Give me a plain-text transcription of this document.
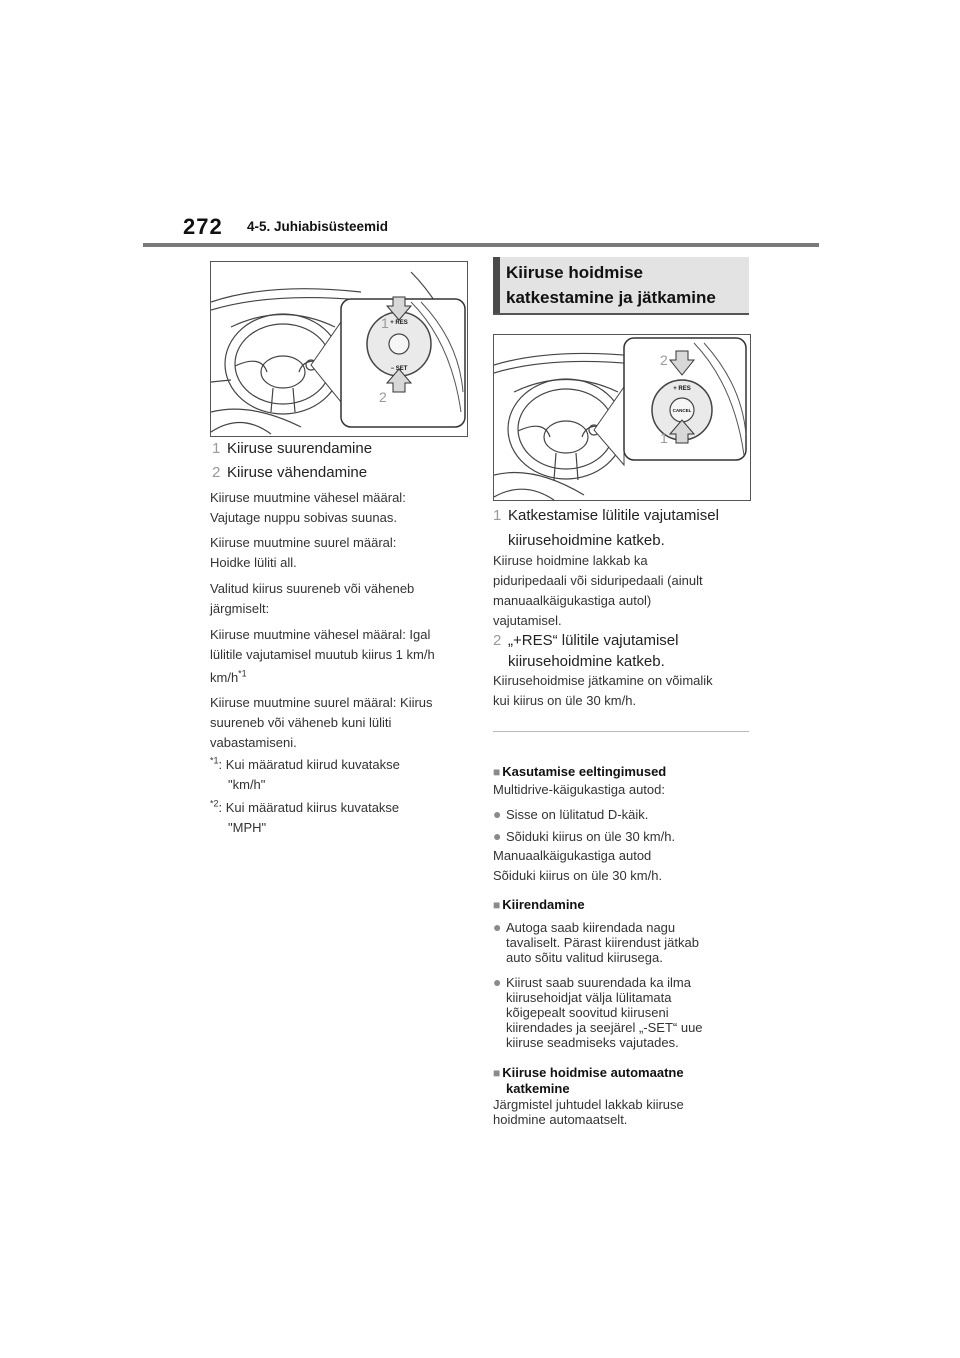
272 4-5. Juhiabisüsteemid
+ RES
− SET
1
2
1 Kiiruse suurendamine
2 Kiiruse vähendamine
Kiiruse muutmine vähesel määral:
Vajutage nuppu sobivas suunas.
Kiiruse muutmine suurel määral:
Hoidke lüliti all.
Valitud kiirus suureneb või väheneb
järgmiselt:
Kiiruse muutmine vähesel määral: Igal
lülitile vajutamisel muutub kiirus 1 km/h
$km/h^{*1}$
Kiiruse muutmine suurel määral: Kiirus
suureneb või väheneb kuni lüliti
vabastamiseni.
$^{*1}$: Kui määratud kiirud kuvatakse
"km/h"
$^{*2}$: Kui määratud kiirus kuvatakse
"MPH"
Kiiruse hoidmise
katkestamine ja jätkamine
+ RES
CANCEL
2
1
1 Katkestamise lülitile vajutamisel
kiirusehoidmine katkeb.
Kiiruse hoidmine lakkab ka
piduripedaali või siduripedaali (ainult
manuaalkäigukastiga autol)
vajutamisel.
2 „+RES“ lülitile vajutamisel
kiirusehoidmine katkeb.
Kiirusehoidmise jätkamine on võimalik
kui kiirus on üle 30 km/h.
■ Kasutamise eeltingimused
Multidrive-käigukastiga autod:
● Sisse on lülitatud D-käik.
● Sõiduki kiirus on üle 30 km/h.
Manuaalkäigukastiga autod
Sõiduki kiirus on üle 30 km/h.
■ Kiirendamine
● Autoga saab kiirendada nagu
tavaliselt. Pärast kiirendust jätkab
auto sõitu valitud kiirusega.
● Kiirust saab suurendada ka ilma
kiirusehoidjat välja lülitamata
kõigepealt soovitud kiiruseni
kiirendades ja seejärel „-SET“ uue
kiiruse seadmiseks vajutades.
■ Kiiruse hoidmise automaatne
katkemine
Järgmistel juhtudel lakkab kiiruse
hoidmine automaatselt.
